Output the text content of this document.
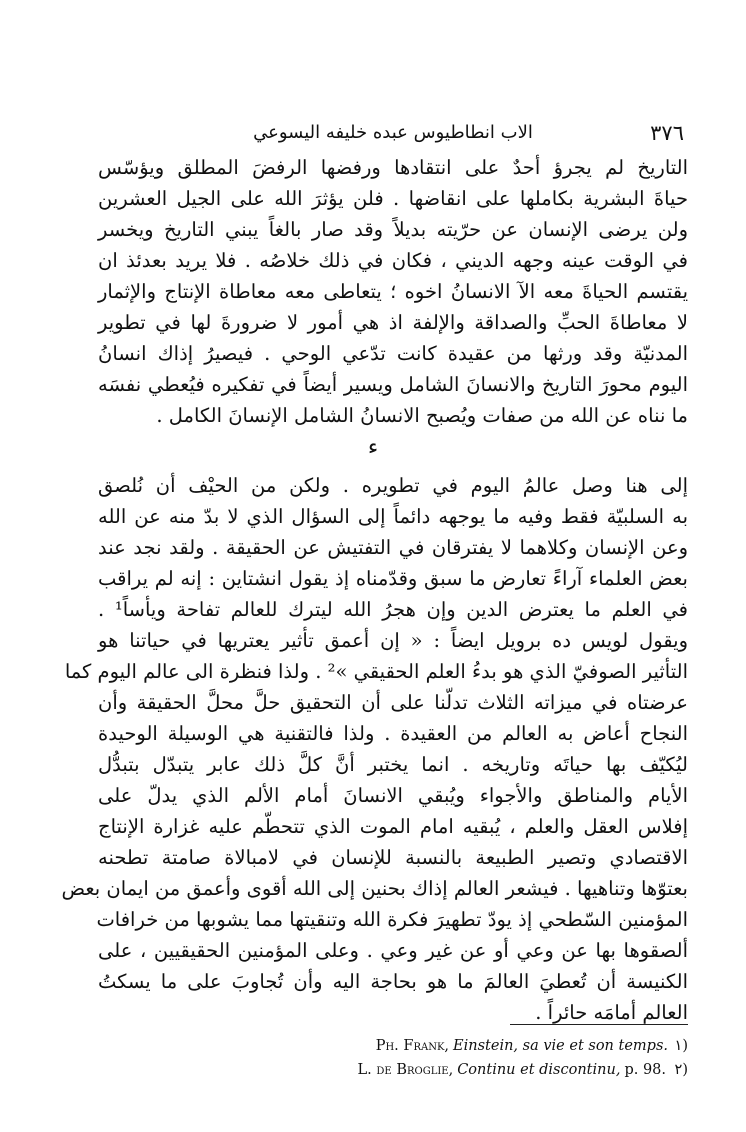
٣٧٦
الاب انطاطيوس عبده خليفه اليسوعي
التاريخ لم يجرؤ أحدٌ على انتقادها ورفضها الرفضَ المطلق ويؤسّس
حياةَ البشرية بكاملها على انقاضها . فلن يؤثرَ الله على الجيل العشرين
ولن يرضى الإنسان عن حرّيته بديلاً وقد صار بالغاً يبني التاريخ ويخسر
في الوقت عينه وجهه الديني ، فكان في ذلك خلاصُه . فلا يريد بعدئذ ان
يقتسم الحياةَ معه الآ الانسانُ اخوه ؛ يتعاطى معه معاطاة الإنتاج والإثمار
لا معاطاةَ الحبِّ والصداقة والإلفة اذ هي أمور لا ضرورةَ لها في تطوير
المدنيّة وقد ورثها من عقيدة كانت تدّعي الوحي . فيصيرُ إذاك انسانُ
اليوم محورَ التاريخ والانسانَ الشامل ويسير أيضاً في تفكيره فيُعطي نفسَه
ما نناه عن الله من صفات ويُصبح الانسانُ الشامل الإنسانَ الكامل .
ء
إلى هنا وصل عالمُ اليوم في تطويره . ولكن من الحيْف أن نُلصق
به السلبيّة فقط وفيه ما يوجهه دائماً إلى السؤال الذي لا بدّ منه عن الله
وعن الإنسان وكلاهما لا يفترقان في التفتيش عن الحقيقة . ولقد نجد عند
بعض العلماء آراءً تعارض ما سبق وقدّمناه إذ يقول انشتاين : إنه لم يراقب
في العلم ما يعترض الدين وإن هجرُ الله ليترك للعالم تفاحة ويأساً¹ .
ويقول لويس ده برويل ايضاً : « إن أعمق تأثير يعتريها في حياتنا هو
التأثير الصوفيّ الذي هو بدءُ العلم الحقيقي »² . ولذا فنظرة الى عالم اليوم كما
عرضتاه في ميزاته الثلاث تدلّنا على أن التحقيق حلَّ محلَّ الحقيقة وأن
النجاح أعاض به العالم من العقيدة . ولذا فالتقنية هي الوسيلة الوحيدة
ليُكيّف بها حياتَه وتاريخه . انما يختبر أنَّ كلَّ ذلك عابر يتبدّل بتبدُّل
الأيام والمناطق والأجواء ويُبقي الانسانَ أمام الألم الذي يدلّ على
إفلاس العقل والعلم ، يُبقيه امام الموت الذي تتحطّم عليه غزارة الإنتاج
الاقتصادي وتصير الطبيعة بالنسبة للإنسان في لامبالاة صامتة تطحنه
بعتوّها وتناهيها . فيشعر العالم إذاك بحنين إلى الله أقوى وأعمق من ايمان بعض
المؤمنين السّطحي إذ يودّ تطهيرَ فكرة الله وتنقيتها مما يشوبها من خرافات
ألصقوها بها عن وعي أو عن غير وعي . وعلى المؤمنين الحقيقيين ، على
الكنيسة أن تُعطيَ العالمَ ما هو بحاجة اليه وأن تُجاوبَ على ما يسكتُ
العالم أمامَه حائراً .
Ph. Frank, Einstein, sa vie et son temps. ١)
L. de Broglie, Continu et discontinu, p. 98. ٢)
